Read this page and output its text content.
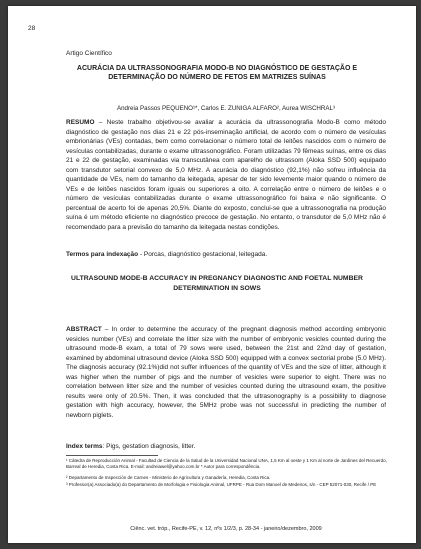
28
Artigo Científico
ACURÁCIA DA ULTRASSONOGRAFIA MODO-B NO DIAGNÓSTICO DE GESTAÇÃO E DETERMINAÇÃO DO NÚMERO DE FETOS EM MATRIZES SUÍNAS
Andreia Passos PEQUENO¹*, Carlos E. ZUNIGA ALFARO², Aurea WISCHRAL³
RESUMO – Neste trabalho objetivou-se avaliar a acurácia da ultrassonografia Modo-B como método diagnóstico de gestação nos dias 21 e 22 pós-inseminação artificial, de acordo com o número de vesículas embrionárias (VEs) contadas, bem como correlacionar o número total de leitões nascidos com o número de vesículas contabilizadas, durante o exame ultrassonográfico. Foram utilizadas 79 fêmeas suínas, entre os dias 21 e 22 de gestação, examinadas via transcutânea com aparelho de ultrassom (Aloka SSD 500) equipado com transdutor setorial convexo de 5,0 MHz. A acurácia do diagnóstico (92,1%) não sofreu influência da quantidade de VEs, nem do tamanho da leitegada, apesar de ter sido levemente maior quando o número de VEs e de leitões nascidos foram iguais ou superiores a oito. A correlação entre o número de leitões e o número de vesículas contabilizadas durante o exame ultrassonográfico foi baixa e não significante. O percentual de acerto foi de apenas 20,5%. Diante do exposto, conclui-se que a ultrassonografia na produção suína é um método eficiente no diagnóstico precoce de gestação. No entanto, o transdutor de 5,0 MHz não é recomendado para a previsão do tamanho da leitegada nestas condições.
Termos para indexação - Porcas, diagnóstico gestacional, leitegada.
ULTRASOUND MODE-B ACCURACY IN PREGNANCY DIAGNOSTIC AND FOETAL NUMBER DETERMINATION IN SOWS
ABSTRACT – In order to determine the accuracy of the pregnant diagnosis method according embryonic vesicles number (VEs) and correlate the litter size with the number of embryonic vesicles counted during the ultrasound mode-B exam, a total of 79 sows were used, between the 21st and 22nd day of gestation, examined by abdominal ultrasound device (Aloka SSD 500) equipped with a convex sectorial probe (5.0 MHz). The diagnosis accuracy (92.1%)did not suffer influences of the quantity of VEs and the size of litter, although it was higher when the number of pigs and the number of vesicles were superior to eight. There was no correlation between litter size and the number of vesicles counted during the ultrasound exam, the positive results were only of 20.5%. Then, it was concluded that the ultrasonography is a possibility to diagnose gestation with high accuracy, however, the 5MHz probe was not successful in predicting the number of newborn piglets.
Index terms: Pigs, gestation diagnosis, litter.
¹ Cátedra de Reproducción Animal - Facultad de Ciencia de la Salud de la Universidad Nacional UNA, 1,5 Km al oeste y 1 Km al norte de Jardines del Recuerdo, Barreal de Heredia, Costa Rica. E-mail: andreiawel@yahoo.com.br * Autor para correspondência.
² Departamento de Inspección de Carnes - Ministerio de Agricultura y Ganadería, Heredia, Costa Rica.
³ Professor(a) Associado(a) do Departamento de Morfologia e Fisiologia Animal, UFRPE - Rua Dom Manoel de Medeiros, s/n - CEP 52071-030, Recife / PE
Ciênc. vet. tróp., Recife-PE, v. 12, nºs 1/2/3, p. 28-34 - janeiro/dezembro, 2009
